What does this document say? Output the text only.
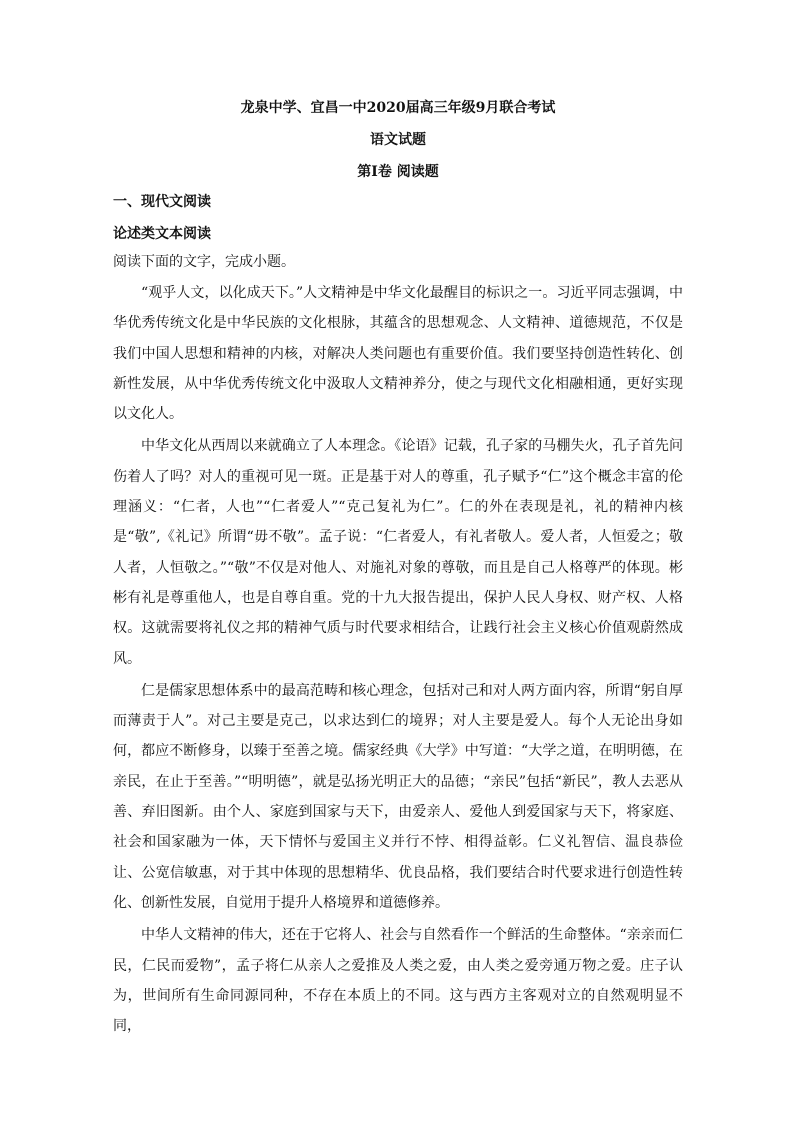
龙泉中学、宜昌一中2020届高三年级9月联合考试

语文试题

第Ⅰ卷 阅读题

一、现代文阅读

论述类文本阅读

阅读下面的文字，完成小题。

“观乎人文，以化成天下。”人文精神是中华文化最醒目的标识之一。习近平同志强调，中华优秀传统文化是中华民族的文化根脉，其蕴含的思想观念、人文精神、道德规范，不仅是我们中国人思想和精神的内核，对解决人类问题也有重要价值。我们要坚持创造性转化、创新性发展，从中华优秀传统文化中汲取人文精神养分，使之与现代文化相融相通，更好实现以文化人。

中华文化从西周以来就确立了人本理念。《论语》记载，孔子家的马棚失火，孔子首先问伤着人了吗？对人的重视可见一斑。正是基于对人的尊重，孔子赋予“仁”这个概念丰富的伦理涵义：“仁者，人也”“仁者爱人”“克己复礼为仁”。仁的外在表现是礼，礼的精神内核是“敬”,《礼记》所谓“毋不敬”。孟子说：“仁者爱人，有礼者敬人。爱人者，人恒爱之；敬人者，人恒敬之。”“敬”不仅是对他人、对施礼对象的尊敬，而且是自己人格尊严的体现。彬彬有礼是尊重他人，也是自尊自重。党的十九大报告提出，保护人民人身权、财产权、人格权。这就需要将礼仪之邦的精神气质与时代要求相结合，让践行社会主义核心价值观蔚然成风。

仁是儒家思想体系中的最高范畴和核心理念，包括对己和对人两方面内容，所谓“躬自厚而薄责于人”。对己主要是克己，以求达到仁的境界；对人主要是爱人。每个人无论出身如何，都应不断修身，以臻于至善之境。儒家经典《大学》中写道：“大学之道，在明明德，在亲民，在止于至善。”“明明德”，就是弘扬光明正大的品德；“亲民”包括“新民”，教人去恶从善、弃旧图新。由个人、家庭到国家与天下，由爱亲人、爱他人到爱国家与天下，将家庭、社会和国家融为一体，天下情怀与爱国主义并行不悖、相得益彰。仁义礼智信、温良恭俭让、公宽信敏惠，对于其中体现的思想精华、优良品格，我们要结合时代要求进行创造性转化、创新性发展，自觉用于提升人格境界和道德修养。

中华人文精神的伟大，还在于它将人、社会与自然看作一个鲜活的生命整体。“亲亲而仁民，仁民而爱物”，孟子将仁从亲人之爱推及人类之爱，由人类之爱旁通万物之爱。庄子认为，世间所有生命同源同种，不存在本质上的不同。这与西方主客观对立的自然观明显不同，
